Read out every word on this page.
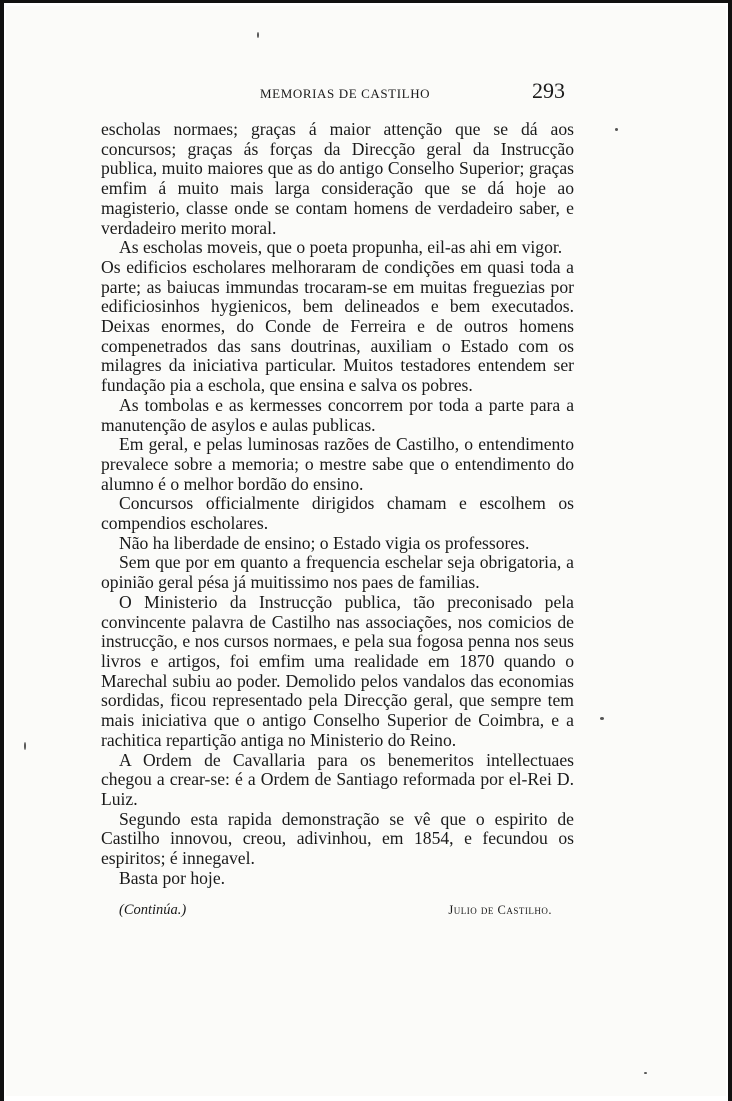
MEMORIAS DE CASTILHO	293

escholas normaes; graças á maior attenção que se dá aos concursos; graças ás forças da Direcção geral da Instrucção publica, muito maiores que as do antigo Conselho Superior; graças emfim á muito mais larga consideração que se dá hoje ao magisterio, classe onde se contam homens de verdadeiro saber, e verdadeiro merito moral.

As escholas moveis, que o poeta propunha, eil-as ahi em vigor.

Os edificios escholares melhoraram de condições em quasi toda a parte; as baiucas immundas trocaram-se em muitas freguezias por edificiosinhos hygienicos, bem delineados e bem executados. Deixas enormes, do Conde de Ferreira e de outros homens compenetrados das sans doutrinas, auxiliam o Estado com os milagres da iniciativa particular. Muitos testadores entendem ser fundação pia a eschola, que ensina e salva os pobres.

As tombolas e as kermesses concorrem por toda a parte para a manutenção de asylos e aulas publicas.

Em geral, e pelas luminosas razões de Castilho, o entendimento prevalece sobre a memoria; o mestre sabe que o entendimento do alumno é o melhor bordão do ensino.

Concursos officialmente dirigidos chamam e escolhem os compendios escholares.

Não ha liberdade de ensino; o Estado vigia os professores.

Sem que por em quanto a frequencia eschelar seja obrigatoria, a opinião geral pésa já muitissimo nos paes de familias.

O Ministerio da Instrucção publica, tão preconisado pela convincente palavra de Castilho nas associações, nos comicios de instrucção, e nos cursos normaes, e pela sua fogosa penna nos seus livros e artigos, foi emfim uma realidade em 1870 quando o Marechal subiu ao poder. Demolido pelos vandalos das economias sordidas, ficou representado pela Direcção geral, que sempre tem mais iniciativa que o antigo Conselho Superior de Coimbra, e a rachitica repartição antiga no Ministerio do Reino.

A Ordem de Cavallaria para os benemeritos intellectuaes chegou a crear-se: é a Ordem de Santiago reformada por el-Rei D. Luiz.

Segundo esta rapida demonstração se vê que o espirito de Castilho innovou, creou, adivinhou, em 1854, e fecundou os espiritos; é innegavel.

Basta por hoje.

(Continúa.)	Julio de Castilho.
